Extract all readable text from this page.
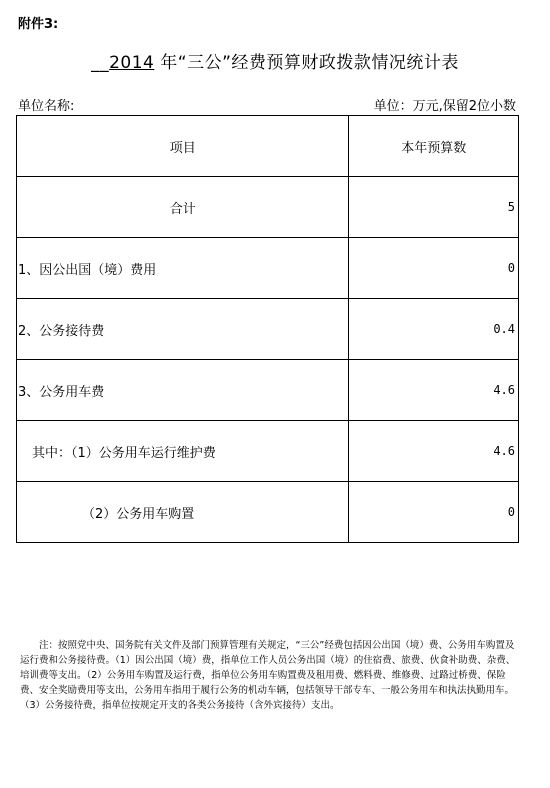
附件3:
__2014 年“三公”经费预算财政拨款情况统计表
单位名称:	单位：万元,保留2位小数
项目	本年预算数
合计	5
1、因公出国（境）费用	0
2、公务接待费	0.4
3、公务用车费	4.6
其中：（1）公务用车运行维护费	4.6
（2）公务用车购置	0
注：按照党中央、国务院有关文件及部门预算管理有关规定，“三公”经费包括因公出国（境）费、公务用车购置及运行费和公务接待费。（1）因公出国（境）费，指单位工作人员公务出国（境）的住宿费、旅费、伙食补助费、杂费、培训费等支出。（2）公务用车购置及运行费，指单位公务用车购置费及租用费、燃料费、维修费、过路过桥费、保险费、安全奖励费用等支出，公务用车指用于履行公务的机动车辆，包括领导干部专车、一般公务用车和执法执勤用车。（3）公务接待费，指单位按规定开支的各类公务接待（含外宾接待）支出。
